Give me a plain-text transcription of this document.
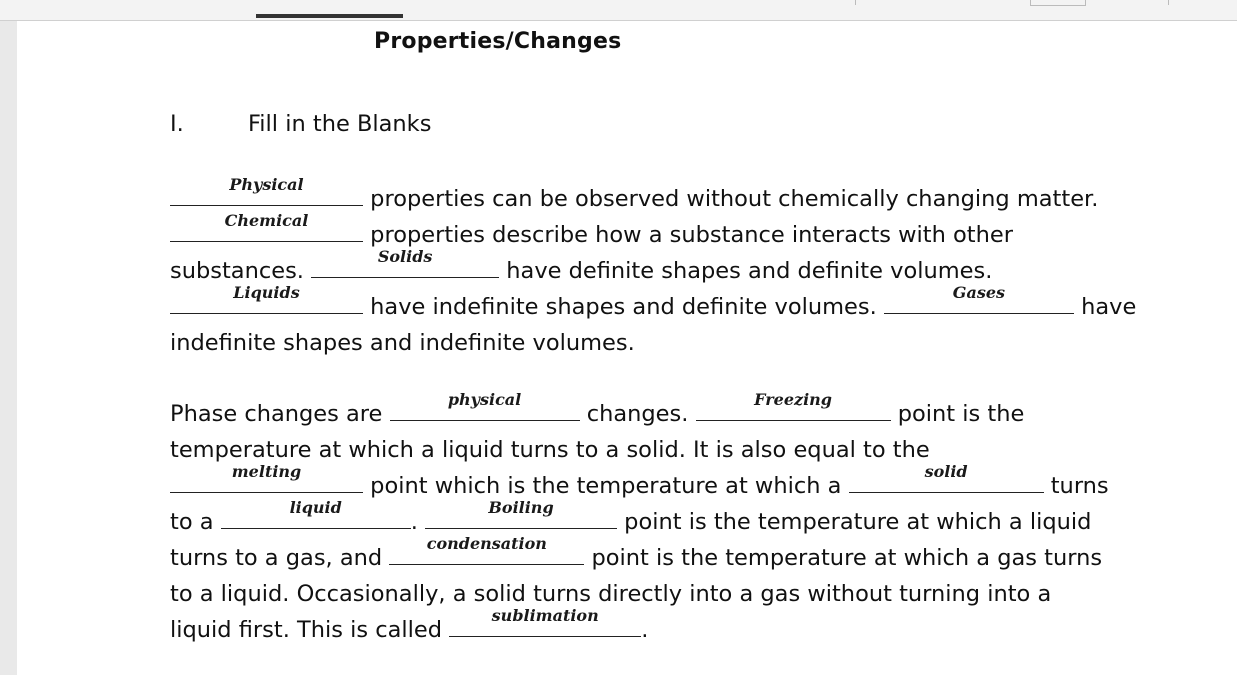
Properties/Changes
I.	Fill in the Blanks
Physical
properties can be observed without chemically changing matter.
Chemical
properties describe how a substance interacts with other
substances.
Solids
have definite shapes and definite volumes.
Liquids
have indefinite shapes and definite volumes.
Gases
have
indefinite shapes and indefinite volumes.
Phase changes are
physical
changes.
Freezing
point is the
temperature at which a liquid turns to a solid. It is also equal to the
melting
point which is the temperature at which a
solid
turns
to a
liquid
.
Boiling
point is the temperature at which a liquid
turns to a gas, and
condensation
point is the temperature at which a gas turns
to a liquid. Occasionally, a solid turns directly into a gas without turning into a
liquid first. This is called
sublimation
.
